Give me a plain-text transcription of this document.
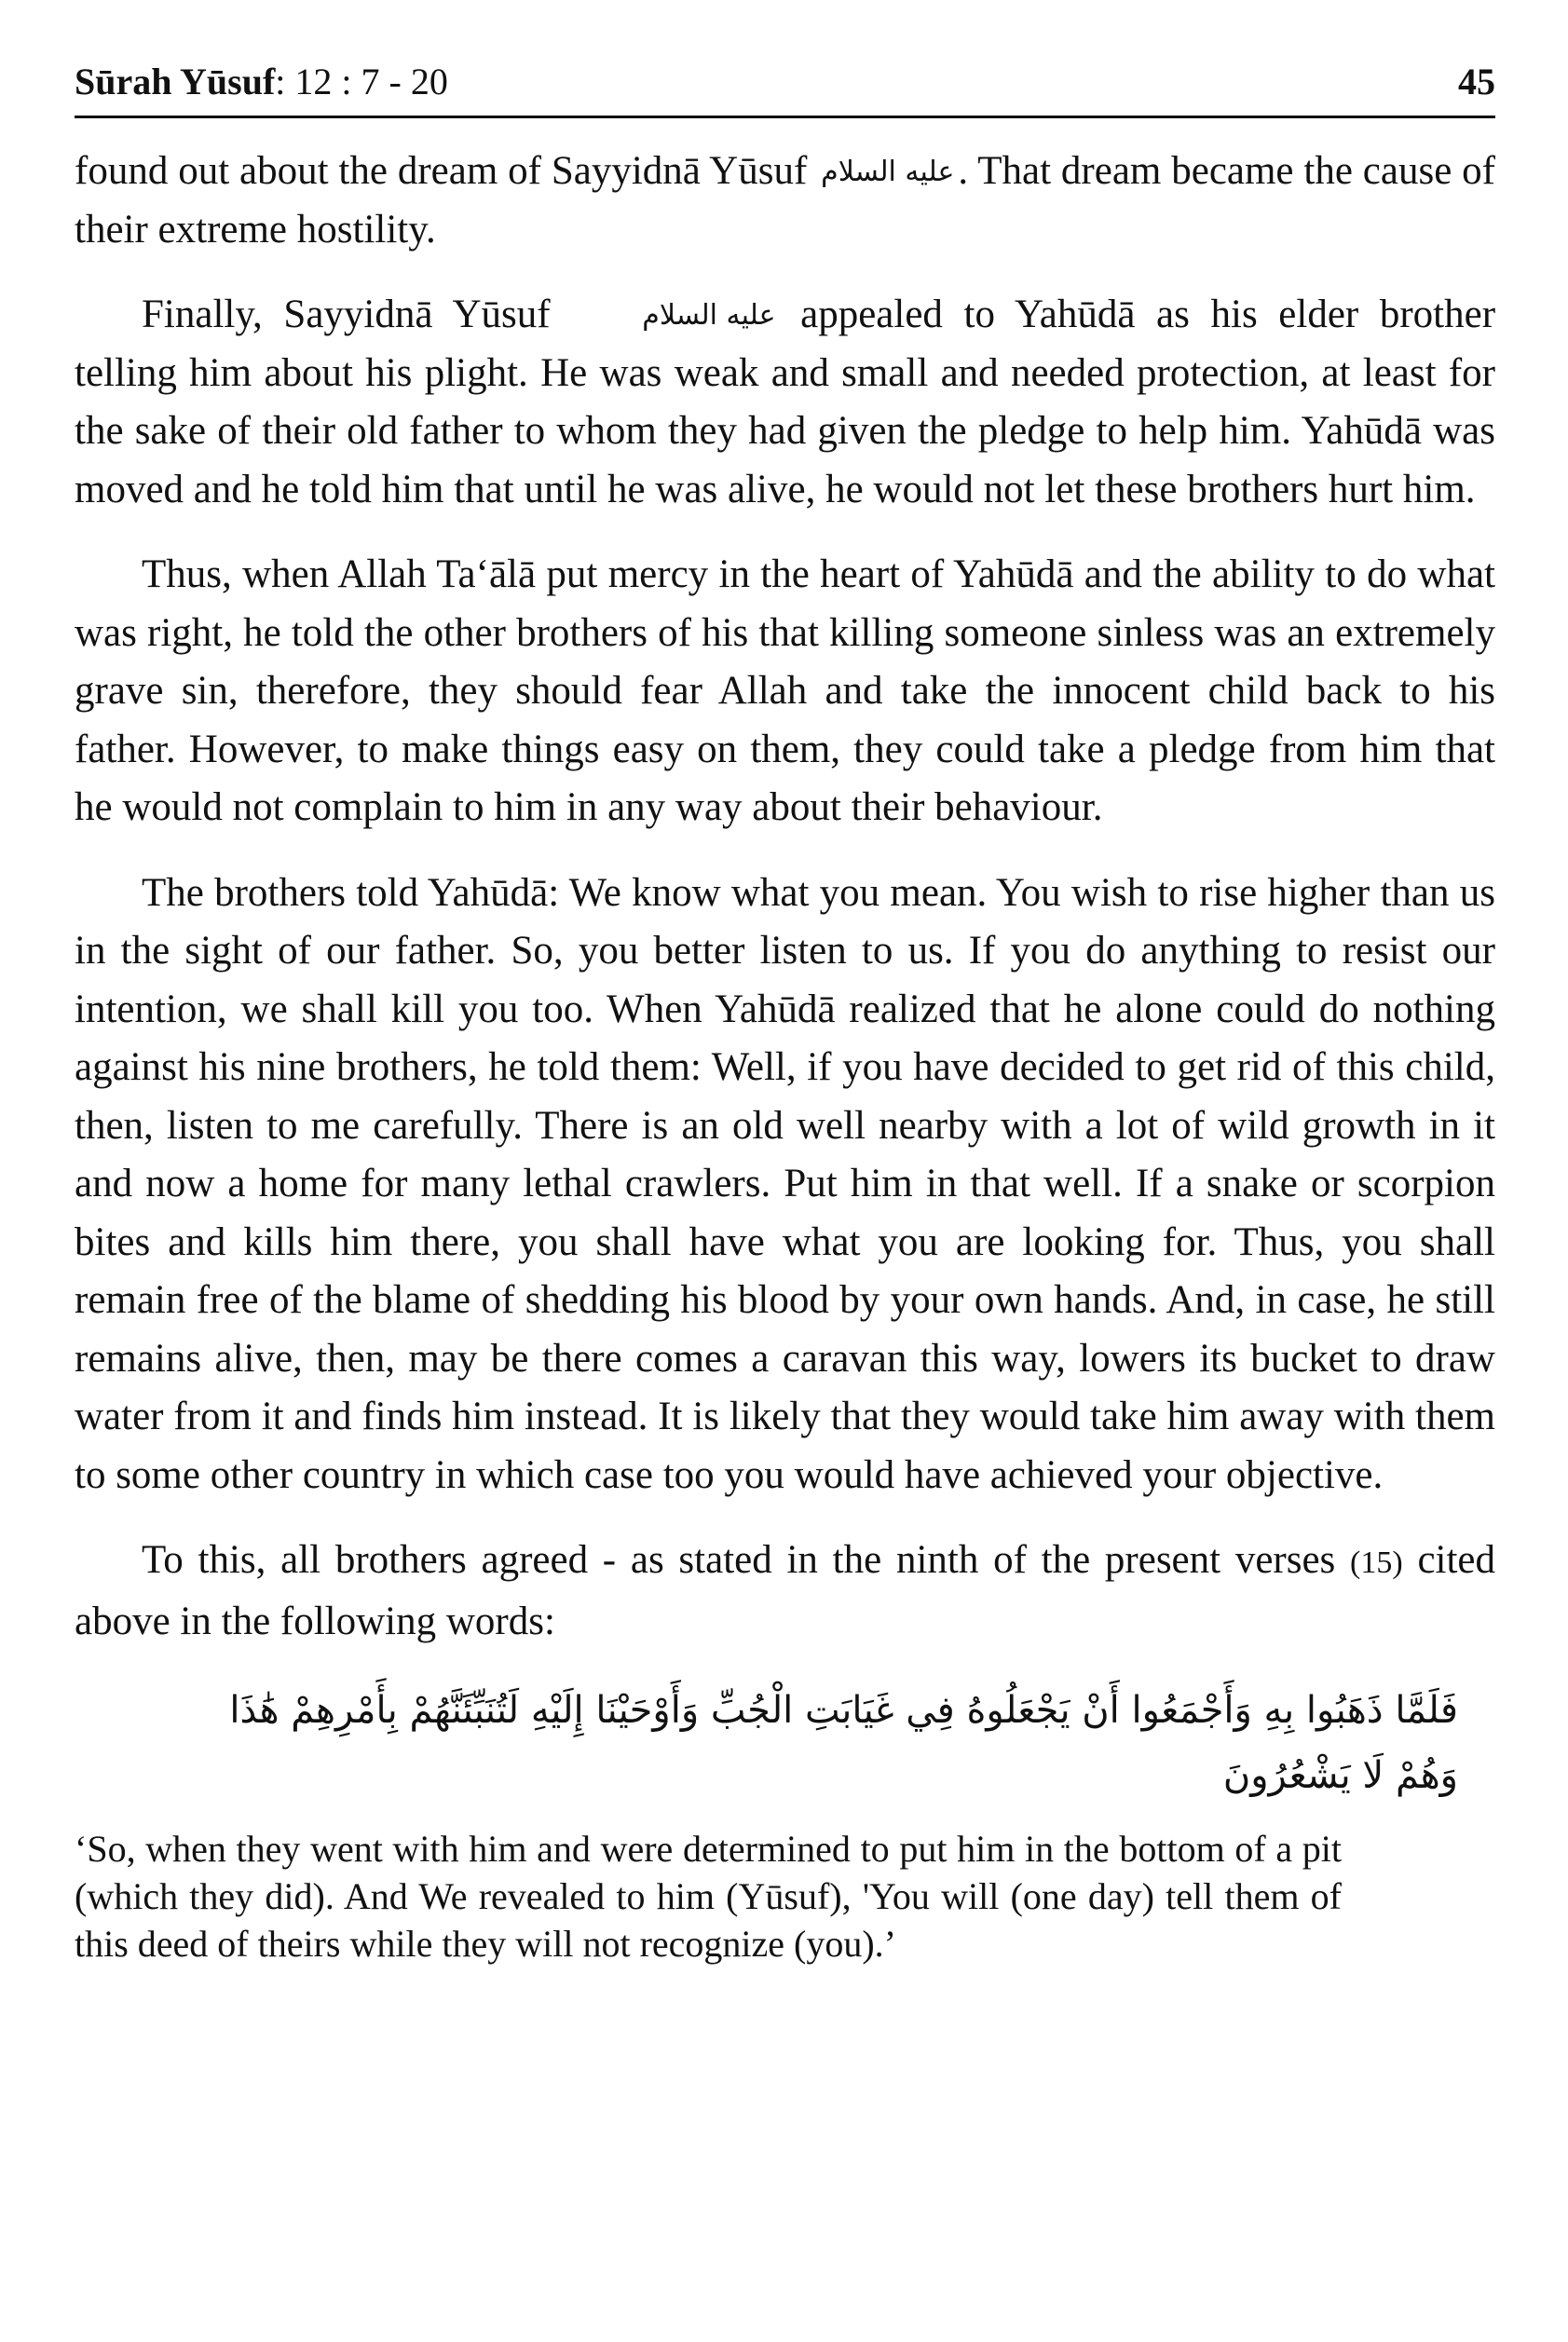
Sūrah Yūsuf: 12 : 7 - 20	45

found out about the dream of Sayyidnā Yūsuf عليه السلام. That dream became the cause of their extreme hostility.

Finally, Sayyidnā Yūsuf	عليه السلام appealed to Yahūdā as his elder brother telling him about his plight. He was weak and small and needed protection, at least for the sake of their old father to whom they had given the pledge to help him. Yahūdā was moved and he told him that until he was alive, he would not let these brothers hurt him.

Thus, when Allah Ta‘ālā put mercy in the heart of Yahūdā and the ability to do what was right, he told the other brothers of his that killing someone sinless was an extremely grave sin, therefore, they should fear Allah and take the innocent child back to his father. However, to make things easy on them, they could take a pledge from him that he would not complain to him in any way about their behaviour.

The brothers told Yahūdā: We know what you mean. You wish to rise higher than us in the sight of our father. So, you better listen to us. If you do anything to resist our intention, we shall kill you too. When Yahūdā realized that he alone could do nothing against his nine brothers, he told them: Well, if you have decided to get rid of this child, then, listen to me carefully. There is an old well nearby with a lot of wild growth in it and now a home for many lethal crawlers. Put him in that well. If a snake or scorpion bites and kills him there, you shall have what you are looking for. Thus, you shall remain free of the blame of shedding his blood by your own hands. And, in case, he still remains alive, then, may be there comes a caravan this way, lowers its bucket to draw water from it and finds him instead. It is likely that they would take him away with them to some other country in which case too you would have achieved your objective.

To this, all brothers agreed - as stated in the ninth of the present verses (15) cited above in the following words:

فَلَمَّا ذَهَبُوا بِهِ وَأَجْمَعُوا أَنْ يَجْعَلُوهُ فِي غَيَابَتِ الْجُبِّ وَأَوْحَيْنَا إِلَيْهِ لَتُنَبِّئَنَّهُمْ بِأَمْرِهِمْ هَٰذَا وَهُمْ لَا يَشْعُرُونَ

‘So, when they went with him and were determined to put him in the bottom of a pit (which they did). And We revealed to him (Yūsuf), 'You will (one day) tell them of this deed of theirs while they will not recognize (you).’
